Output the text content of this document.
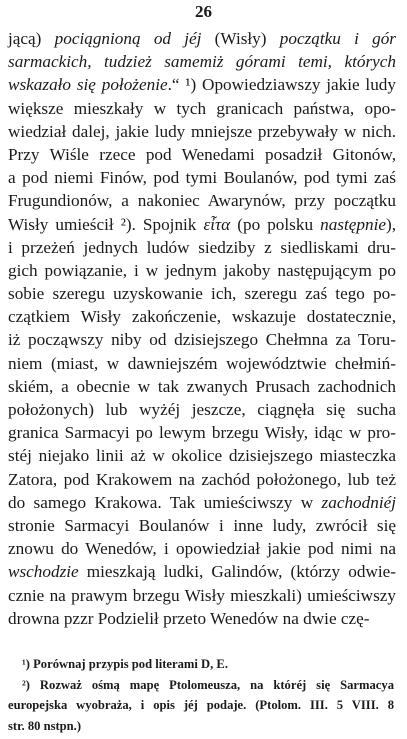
26
jącą) pociągnioną od jéj (Wisły) początku i gór
sarmackich, tudzież samemiż górami temi, których
wskazało się położenie.“ ¹) Opowiedziawszy jakie ludy
większe mieszkały w tych granicach państwa, opo-
wiedział dalej, jakie ludy mniejsze przebywały w nich.
Przy Wiśle rzece pod Wenedami posadził Gitonów,
a pod niemi Finów, pod tymi Boulanów, pod tymi zaś
Frugundionów, a nakoniec Awarynów, przy początku
Wisły umieścił ²). Spojnik εἶτα (po polsku następnie),
i przeżeń jednych ludów siedziby z siedliskami dru-
gich powiązanie, i w jednym jakoby następującym po
sobie szeregu uzyskowanie ich, szeregu zaś tego po-
czątkiem Wisły zakończenie, wskazuje dostatecznie,
iż począwszy niby od dzisiejszego Chełmna za Toru-
niem (miast, w dawniejszém województwie chełmiń-
skiém, a obecnie w tak zwanych Prusach zachodnich
położonych) lub wyżéj jeszcze, ciągnęła się sucha
granica Sarmacyi po lewym brzegu Wisły, idąc w pro-
stéj niejako linii aż w okolice dzisiejszego miasteczka
Zatora, pod Krakowem na zachód położonego, lub też
do samego Krakowa. Tak umieściwszy w zachodniéj
stronie Sarmacyi Boulanów i inne ludy, zwrócił się
znowu do Wenedów, i opowiedział jakie pod nimi na
wschodzie mieszkają ludki, Galindów, (którzy odwie-
cznie na prawym brzegu Wisły mieszkali) umieściwszy
drowna pzzr Podzielił przeto Wenedów na dwie czę-
¹) Porównaj przypis pod literami D, E.
²) Rozważ ośmą mapę Ptolomeusza, na któréj się Sarmacya
europejska wyobraża, i opis jéj podaje. (Ptolom. III. 5 VIII. 8
str. 80 nstpn.)
